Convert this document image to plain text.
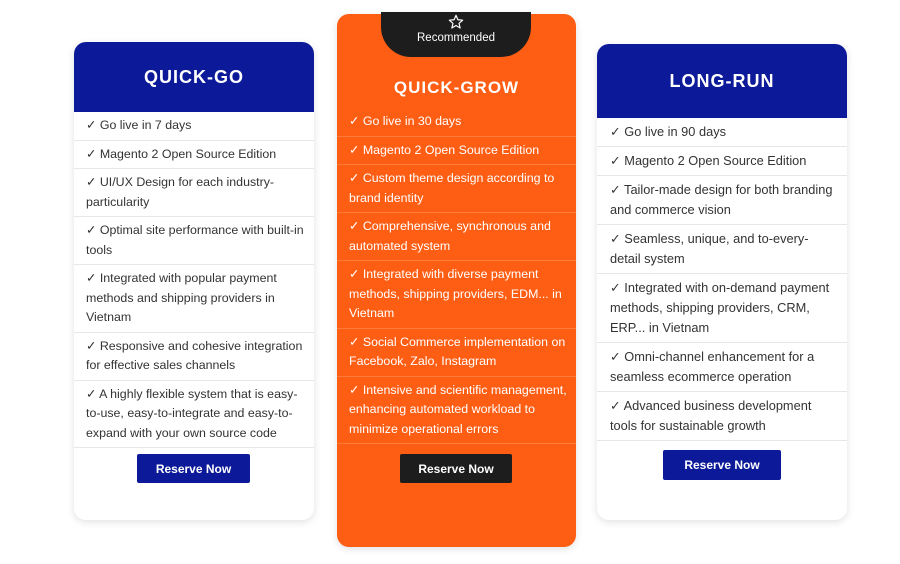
QUICK-GO
✓ Go live in 7 days
✓ Magento 2 Open Source Edition
✓ UI/UX Design for each industry-particularity
✓ Optimal site performance with built-in tools
✓ Integrated with popular payment methods and shipping providers in Vietnam
✓ Responsive and cohesive integration for effective sales channels
✓ A highly flexible system that is easy-to-use, easy-to-integrate and easy-to-expand with your own source code
Reserve Now
Recommended
QUICK-GROW
✓ Go live in 30 days
✓ Magento 2 Open Source Edition
✓ Custom theme design according to brand identity
✓ Comprehensive, synchronous and automated system
✓ Integrated with diverse payment methods, shipping providers, EDM... in Vietnam
✓ Social Commerce implementation on Facebook, Zalo, Instagram
✓ Intensive and scientific management, enhancing automated workload to minimize operational errors
Reserve Now
LONG-RUN
✓ Go live in 90 days
✓ Magento 2 Open Source Edition
✓ Tailor-made design for both branding and commerce vision
✓ Seamless, unique, and to-every-detail system
✓ Integrated with on-demand payment methods, shipping providers, CRM, ERP... in Vietnam
✓ Omni-channel enhancement for a seamless ecommerce operation
✓ Advanced business development tools for sustainable growth
Reserve Now
